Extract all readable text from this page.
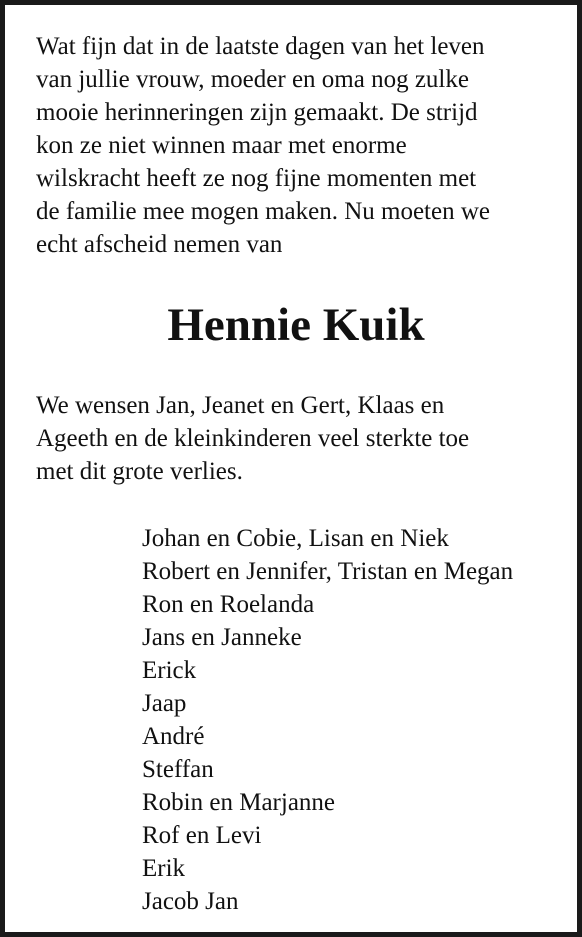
Wat fijn dat in de laatste dagen van het leven
van jullie vrouw, moeder en oma nog zulke
mooie herinneringen zijn gemaakt. De strijd
kon ze niet winnen maar met enorme
wilskracht heeft ze nog fijne momenten met
de familie mee mogen maken. Nu moeten we
echt afscheid nemen van

Hennie Kuik

We wensen Jan, Jeanet en Gert, Klaas en
Ageeth en de kleinkinderen veel sterkte toe
met dit grote verlies.

Johan en Cobie, Lisan en Niek
Robert en Jennifer, Tristan en Megan
Ron en Roelanda
Jans en Janneke
Erick
Jaap
André
Steffan
Robin en Marjanne
Rof en Levi
Erik
Jacob Jan
